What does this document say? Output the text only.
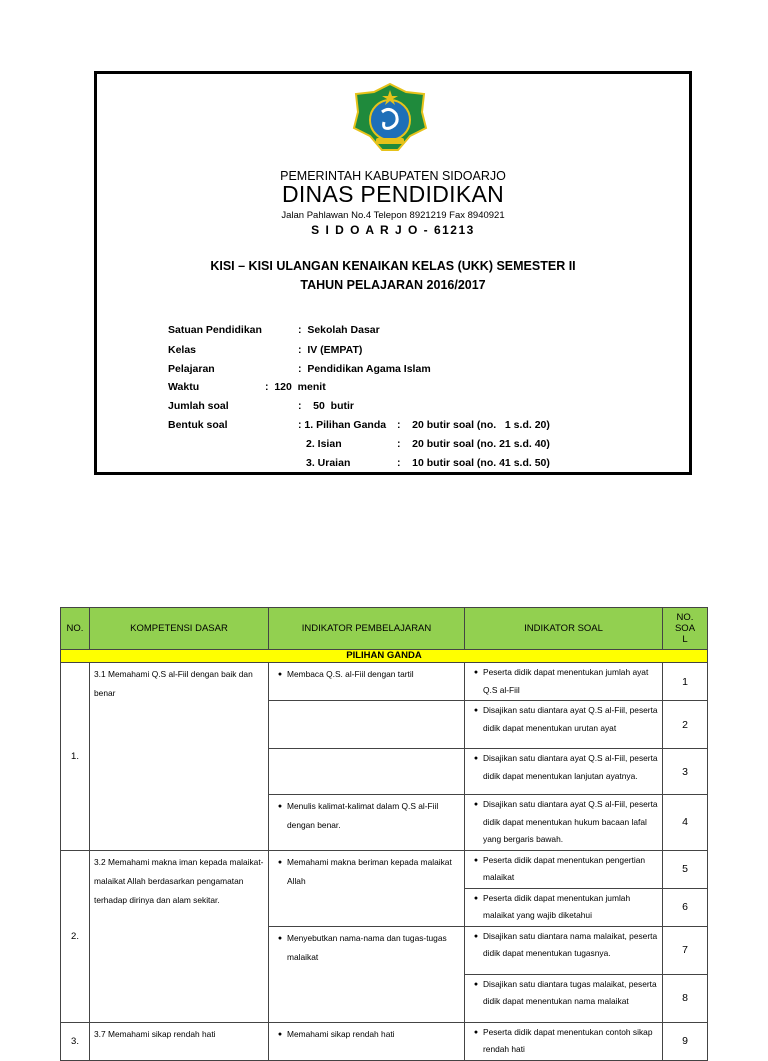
PEMERINTAH KABUPATEN SIDOARJO
DINAS PENDIDIKAN
Jalan Pahlawan No.4 Telepon 8921219 Fax 8940921
S I D O A R J O - 61213
KISI – KISI ULANGAN KENAIKAN KELAS (UKK) SEMESTER II
TAHUN PELAJARAN 2016/2017
Satuan Pendidikan	:  Sekolah Dasar
Kelas	:  IV (EMPAT)
Pelajaran	:  Pendidikan Agama Islam
Waktu	:  120  menit
Jumlah soal	:    50  butir
Bentuk soal	: 1. Pilihan Ganda :    20 butir soal (no.   1 s.d. 20)
2. Isian	:    20 butir soal (no. 21 s.d. 40)
3. Uraian	:    10 butir soal (no. 41 s.d. 50)
NO.	KOMPETENSI DASAR	INDIKATOR PEMBELAJARAN	INDIKATOR SOAL	NO.
SOA
L
PILIHAN GANDA				
1.	3.1 Memahami Q.S al-Fiil dengan baik dan benar	● Membaca Q.S. al-Fiil dengan tartil	● Peserta didik dapat menentukan jumlah ayat Q.S al-Fiil	1

			● Disajikan satu diantara ayat Q.S al-Fiil, peserta didik dapat menentukan urutan ayat	2

			● Disajikan satu diantara ayat Q.S al-Fiil, peserta didik dapat menentukan lanjutan ayatnya.	3

		● Menulis kalimat-kalimat dalam Q.S al-Fiil dengan benar.	● Disajikan satu diantara ayat Q.S al-Fiil, peserta didik dapat menentukan hukum bacaan lafal yang bergaris bawah.	4
2.	3.2 Memahami makna iman kepada malaikat-malaikat Allah berdasarkan pengamatan terhadap dirinya dan alam sekitar.	● Memahami makna beriman kepada malaikat Allah	● Peserta didik dapat menentukan pengertian malaikat	5

			● Peserta didik dapat menentukan jumlah malaikat yang wajib diketahui	6

		● Menyebutkan nama-nama dan tugas-tugas malaikat	● Disajikan satu diantara nama malaikat, peserta didik dapat menentukan tugasnya.	7

			● Disajikan satu diantara tugas malaikat, peserta didik dapat menentukan nama malaikat	8
3.	3.7 Memahami sikap rendah hati	● Memahami sikap rendah hati	● Peserta didik dapat menentukan contoh sikap rendah hati	9
